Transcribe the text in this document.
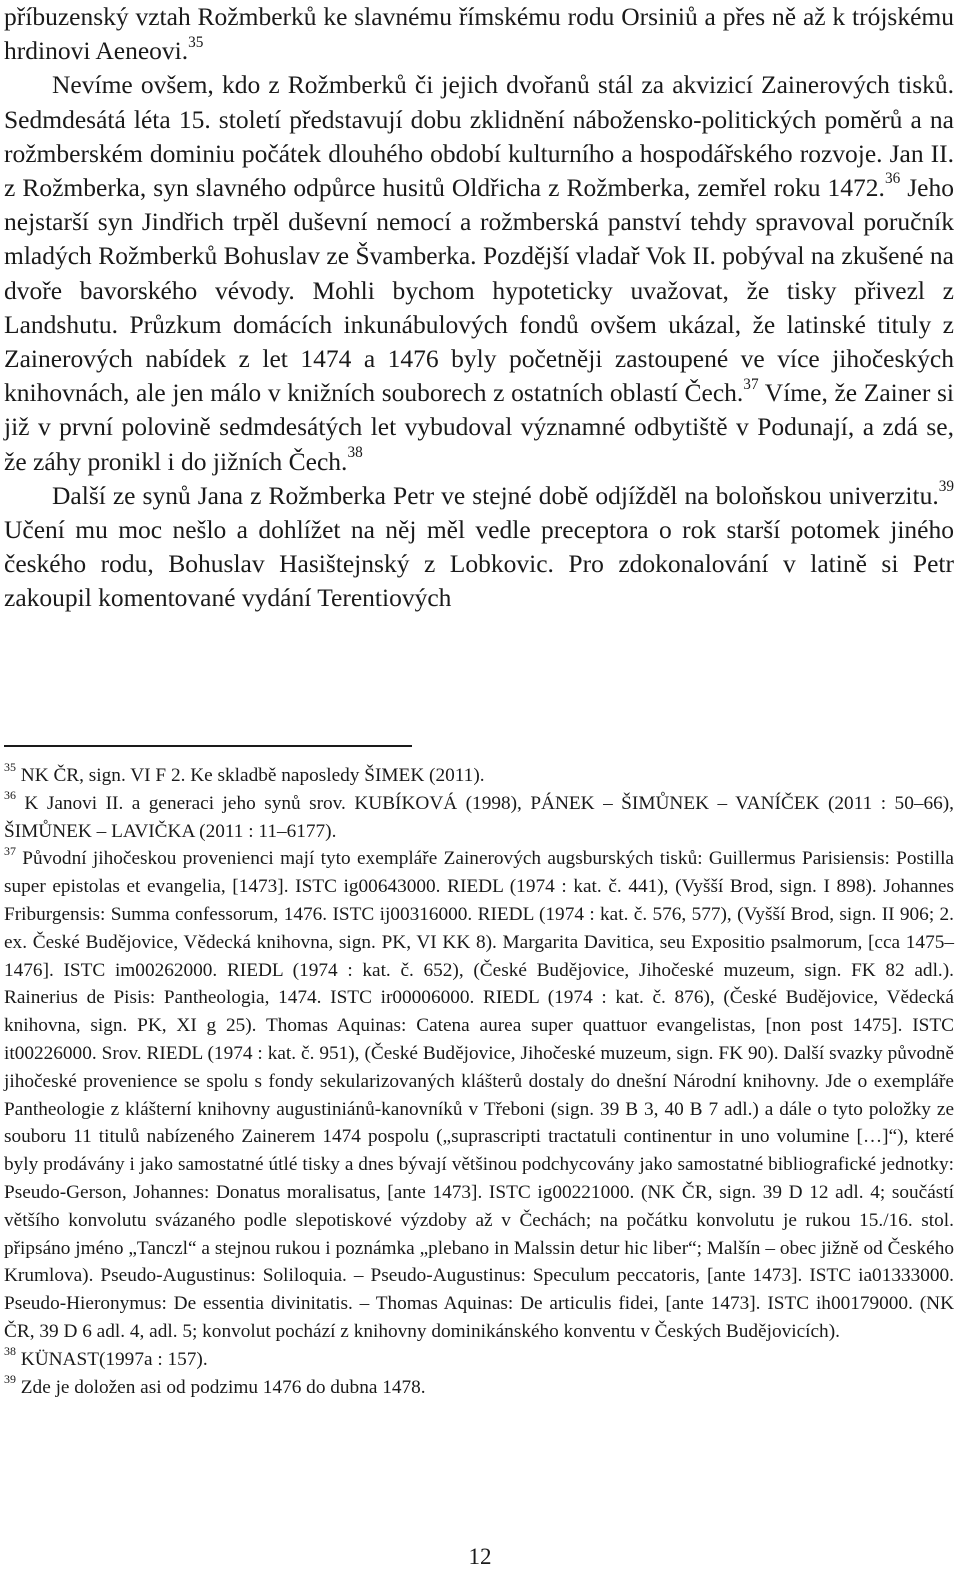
příbuzenský vztah Rožmberků ke slavnému římskému rodu Orsiniů a přes ně až k trójskému hrdinovi Aeneovi.$^{35}$

Nevíme ovšem, kdo z Rožmberků či jejich dvořanů stál za akvizicí Zainerových tisků. Sedmdesátá léta 15. století představují dobu zklidnění nábožensko-politických poměrů a na rožmberském dominiu počátek dlouhého období kulturního a hospodářského rozvoje. Jan II. z Rožmberka, syn slavného odpůrce husitů Oldřicha z Rožmberka, zemřel roku 1472.36 Jeho nejstarší syn Jindřich trpěl duševní nemocí a rožmberská panství tehdy spravoval poručník mladých Rožmberků Bohuslav ze Švamberka. Pozdější vladař Vok II. pobýval na zkušené na dvoře bavorského vévody. Mohli bychom hypoteticky uvažovat, že tisky přivezl z Landshutu. Průzkum domácích inkunábulových fondů ovšem ukázal, že latinské tituly z Zainerových nabídek z let 1474 a 1476 byly početněji zastoupené ve více jihočeských knihovnách, ale jen málo v knižních souborech z ostatních oblastí Čech.$^{37}$ Víme, že Zainer si již v první polovině sedmdesátých let vybudoval významné odbytiště v Podunají, a zdá se, že záhy pronikl i do jižních Čech.$^{38}$

Další ze synů Jana z Rožmberka Petr ve stejné době odjížděl na boloňskou univerzitu.$^{39}$ Učení mu moc nešlo a dohlížet na něj měl vedle preceptora o rok starší potomek jiného českého rodu, Bohuslav Hasištejnský z Lobkovic. Pro zdokonalování v latině si Petr zakoupil komentované vydání Terentiových

$^{35}$ NK ČR, sign. VI F 2. Ke skladbě naposledy ŠIMEK (2011).

$^{36}$ K Janovi II. a generaci jeho synů srov. KUBÍKOVÁ (1998), PÁNEK – ŠIMŮNEK – VANÍČEK (2011 : 50–66), ŠIMŮNEK – LAVIČKA (2011 : 11–6177).

$^{37}$ Původní jihočeskou provenienci mají tyto exempláře Zainerových augsburských tisků: Guillermus Parisiensis: Postilla super epistolas et evangelia, [1473]. ISTC ig00643000. RIEDL (1974 : kat. č. 441), (Vyšší Brod, sign. I 898). Johannes Friburgensis: Summa confessorum, 1476. ISTC ij00316000. RIEDL (1974 : kat. č. 576, 577), (Vyšší Brod, sign. II 906; 2. ex. České Budějovice, Vědecká knihovna, sign. PK, VI KK 8). Margarita Davitica, seu Expositio psalmorum, [cca 1475–1476]. ISTC im00262000. RIEDL (1974 : kat. č. 652), (České Budějovice, Jihočeské muzeum, sign. FK 82 adl.). Rainerius de Pisis: Pantheologia, 1474. ISTC ir00006000. RIEDL (1974 : kat. č. 876), (České Budějovice, Vědecká knihovna, sign. PK, XI g 25). Thomas Aquinas: Catena aurea super quattuor evangelistas, [non post 1475]. ISTC it00226000. Srov. RIEDL (1974 : kat. č. 951), (České Budějovice, Jihočeské muzeum, sign. FK 90). Další svazky původně jihočeské provenience se spolu s fondy sekularizovaných klášterů dostaly do dnešní Národní knihovny. Jde o exempláře Pantheologie z klášterní knihovny augustiniánů-kanovníků v Třeboni (sign. 39 B 3, 40 B 7 adl.) a dále o tyto položky ze souboru 11 titulů nabízeného Zainerem 1474 pospolu („suprascripti tractatuli continentur in uno volumine […]“), které byly prodávány i jako samostatné útlé tisky a dnes bývají většinou podchycovány jako samostatné bibliografické jednotky: Pseudo-Gerson, Johannes: Donatus moralisatus, [ante 1473]. ISTC ig00221000. (NK ČR, sign. 39 D 12 adl. 4; součástí většího konvolutu svázaného podle slepotiskové výzdoby až v Čechách; na počátku konvolutu je rukou 15./16. stol. připsáno jméno „Tanczl“ a stejnou rukou i poznámka „plebano in Malssin detur hic liber“; Malšín – obec jižně od Českého Krumlova). Pseudo-Augustinus: Soliloquia. – Pseudo-Augustinus: Speculum peccatoris, [ante 1473]. ISTC ia01333000. Pseudo-Hieronymus: De essentia divinitatis. – Thomas Aquinas: De articulis fidei, [ante 1473]. ISTC ih00179000. (NK ČR, 39 D 6 adl. 4, adl. 5; konvolut pochází z knihovny dominikánského konventu v Českých Budějovicích).

$^{38}$ KÜNAST(1997a : 157).

$^{39}$ Zde je doložen asi od podzimu 1476 do dubna 1478.

12
